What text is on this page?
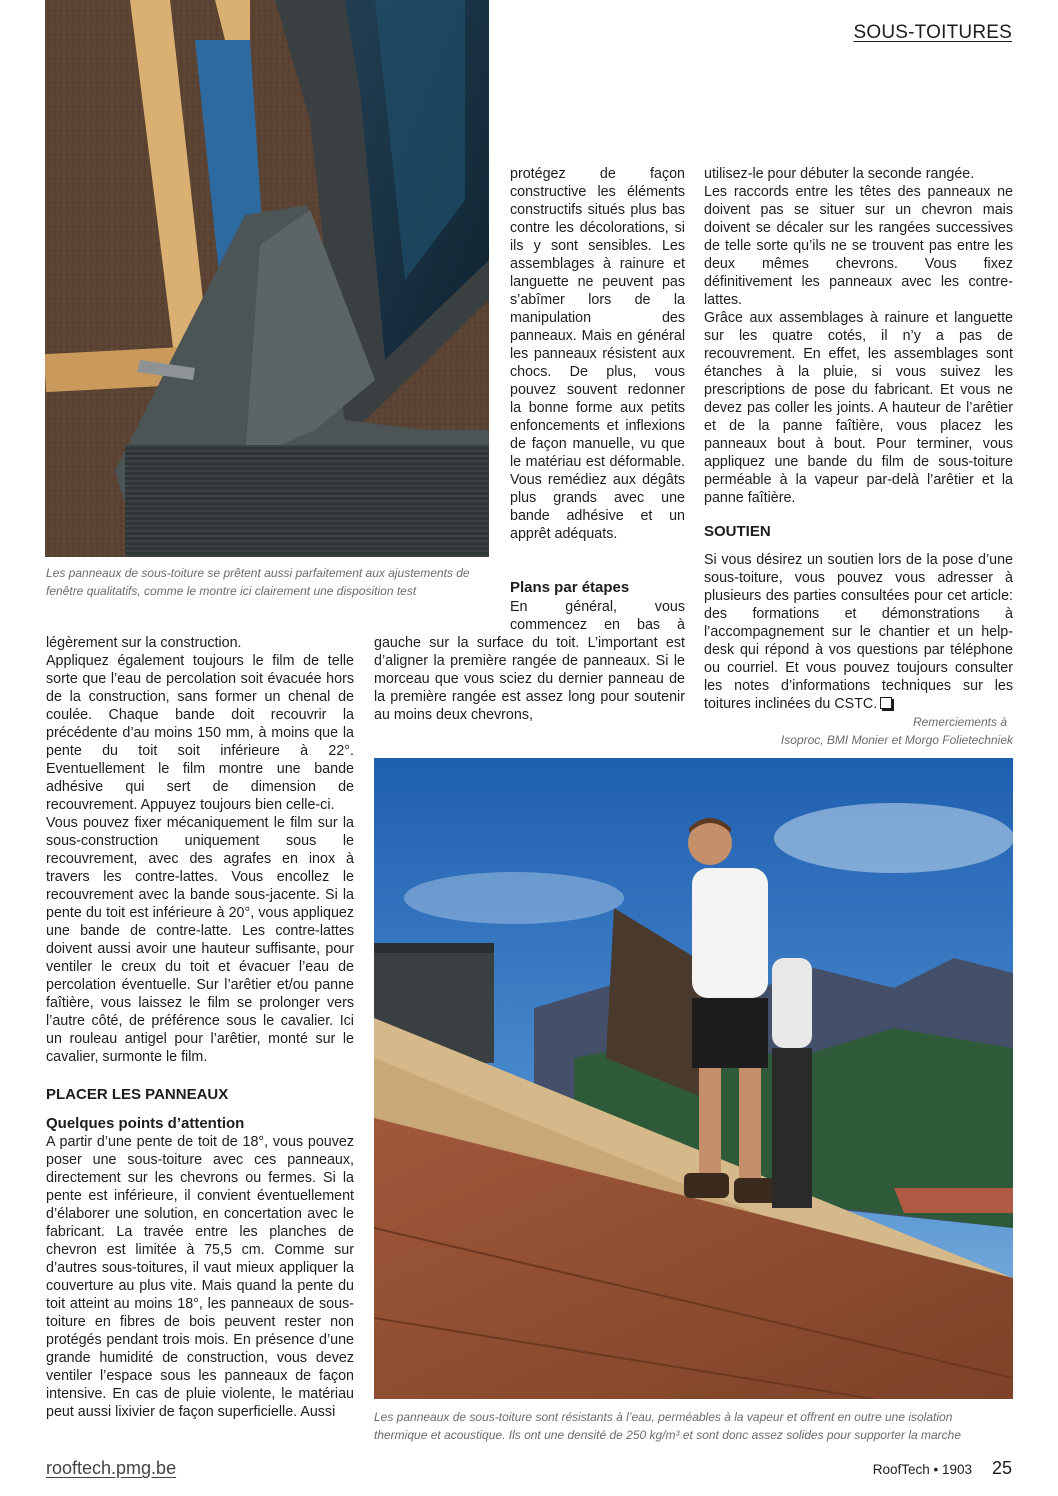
SOUS-TOITURES
Les panneaux de sous-toiture se prêtent aussi parfaitement aux ajustements de fenêtre qualitatifs, comme le montre ici clairement une disposition test

protégez de façon constructive les éléments constructifs situés plus bas contre les décolorations, si ils y sont sensibles. Les assemblages à rainure et languette ne peuvent pas s’abîmer lors de la manipulation des panneaux. Mais en général les panneaux résistent aux chocs. De plus, vous pouvez souvent redonner la bonne forme aux petits enfoncements et inflexions de façon manuelle, vu que le matériau est déformable. Vous remédiez aux dégâts plus grands avec une bande adhésive et un apprêt adéquats.

Plans par étapes

En général, vous commencez en bas à

gauche sur la surface du toit. L’important est d’aligner la première rangée de panneaux. Si le morceau que vous sciez du dernier panneau de la première rangée est assez long pour soutenir au moins deux chevrons,

utilisez-le pour débuter la seconde rangée.

Les raccords entre les têtes des panneaux ne doivent pas se situer sur un chevron mais doivent se décaler sur les rangées successives de telle sorte qu’ils ne se trouvent pas entre les deux mêmes chevrons. Vous fixez définitivement les panneaux avec les contre-lattes.

Grâce aux assemblages à rainure et languette sur les quatre cotés, il n’y a pas de recouvrement. En effet, les assemblages sont étanches à la pluie, si vous suivez les prescriptions de pose du fabricant. Et vous ne devez pas coller les joints. A hauteur de l’arêtier et de la panne faîtière, vous placez les panneaux bout à bout. Pour terminer, vous appliquez une bande du film de sous-toiture perméable à la vapeur par-delà l’arêtier et la panne faîtière.

SOUTIEN

Si vous désirez un soutien lors de la pose d’une sous-toiture, vous pouvez vous adresser à plusieurs des parties consultées pour cet article: des formations et démonstrations à l’accompagnement sur le chantier et un help-desk qui répond à vos questions par téléphone ou courriel. Et vous pouvez toujours consulter les notes d’informations techniques sur les toitures inclinées du CSTC.

Remerciements à
Isoproc, BMI Monier et Morgo Folietechniek

légèrement sur la construction.

Appliquez également toujours le film de telle sorte que l’eau de percolation soit évacuée hors de la construction, sans former un chenal de coulée. Chaque bande doit recouvrir la précédente d’au moins 150 mm, à moins que la pente du toit soit inférieure à 22°. Eventuellement le film montre une bande adhésive qui sert de dimension de recouvrement. Appuyez toujours bien celle-ci.

Vous pouvez fixer mécaniquement le film sur la sous-construction uniquement sous le recouvrement, avec des agrafes en inox à travers les contre-lattes. Vous encollez le recouvrement avec la bande sous-jacente. Si la pente du toit est inférieure à 20°, vous appliquez une bande de contre-latte. Les contre-lattes doivent aussi avoir une hauteur suffisante, pour ventiler le creux du toit et évacuer l’eau de percolation éventuelle. Sur l’arêtier et/ou panne faîtière, vous laissez le film se prolonger vers l’autre côté, de préférence sous le cavalier. Ici un rouleau antigel pour l’arêtier, monté sur le cavalier, surmonte le film.

PLACER LES PANNEAUX
Quelques points d’attention

A partir d’une pente de toit de 18°, vous pouvez poser une sous-toiture avec ces panneaux, directement sur les chevrons ou fermes. Si la pente est inférieure, il convient éventuellement d’élaborer une solution, en concertation avec le fabricant. La travée entre les planches de chevron est limitée à 75,5 cm. Comme sur d’autres sous-toitures, il vaut mieux appliquer la couverture au plus vite. Mais quand la pente du toit atteint au moins 18°, les panneaux de sous-toiture en fibres de bois peuvent rester non protégés pendant trois mois. En présence d’une grande humidité de construction, vous devez ventiler l’espace sous les panneaux de façon intensive. En cas de pluie violente, le matériau peut aussi lixivier de façon superficielle. Aussi	Les panneaux de sous-toiture sont résistants à l’eau, perméables à la vapeur et offrent en outre une isolation thermique et acoustique. Ils ont une densité de 250 kg/m³ et sont donc assez solides pour supporter la marche
rooftech.pmg.be	RoofTech • 1903 25
